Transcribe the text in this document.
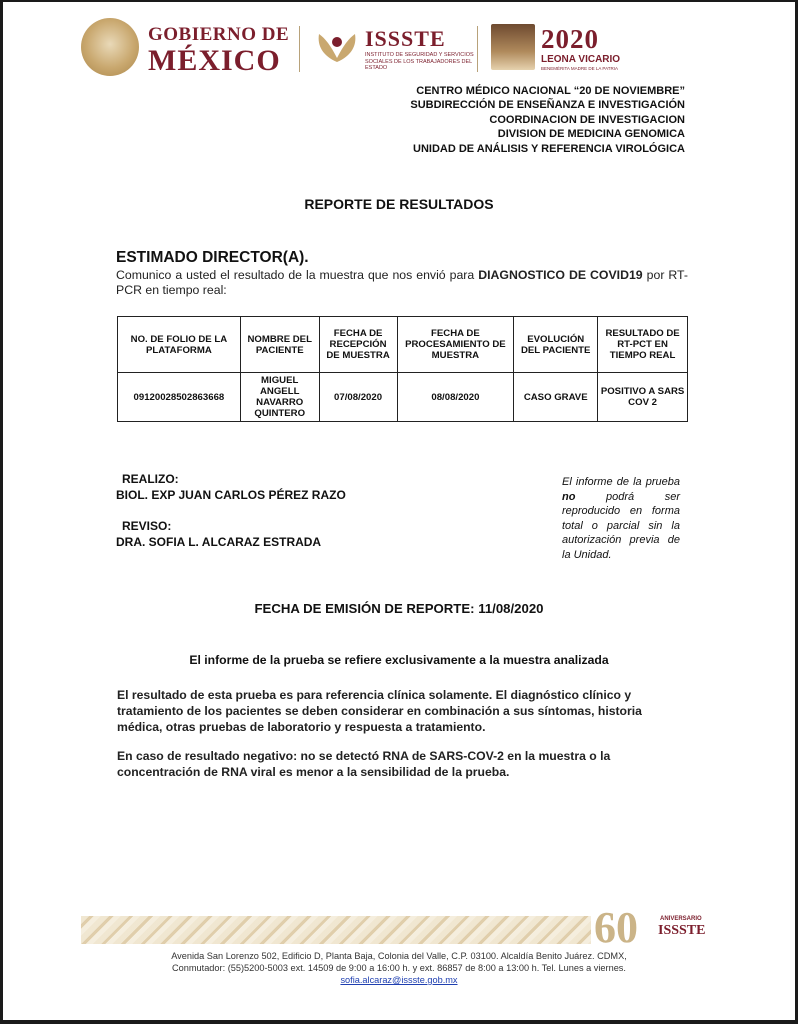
GOBIERNO DE
MÉXICO
ISSSTE
INSTITUTO DE SEGURIDAD Y SERVICIOS SOCIALES DE LOS TRABAJADORES DEL ESTADO
2020
LEONA VICARIO
BENEMÉRITA MADRE DE LA PATRIA
CENTRO MÉDICO NACIONAL “20 DE NOVIEMBRE”
SUBDIRECCIÓN DE ENSEÑANZA E INVESTIGACIÓN
COORDINACION DE INVESTIGACION
DIVISION DE MEDICINA GENOMICA
UNIDAD DE ANÁLISIS Y REFERENCIA VIROLÓGICA
REPORTE DE RESULTADOS
ESTIMADO DIRECTOR(A).
Comunico a usted el resultado de la muestra que nos envió para DIAGNOSTICO DE COVID19 por RT-PCR en tiempo real:
NO. DE FOLIO DE LA PLATAFORMA	NOMBRE DEL PACIENTE	FECHA DE RECEPCIÓN DE MUESTRA	FECHA DE PROCESAMIENTO DE MUESTRA	EVOLUCIÓN DEL PACIENTE	RESULTADO DE RT-PCT EN TIEMPO REAL
09120028502863668	MIGUEL ANGELL NAVARRO QUINTERO	07/08/2020	08/08/2020	CASO GRAVE	POSITIVO A SARS COV 2
REALIZO:
BIOL. EXP JUAN CARLOS PÉREZ RAZO
REVISO:
DRA. SOFIA L. ALCARAZ ESTRADA
El informe de la prueba no podrá ser reproducido en forma total o parcial sin la autorización previa de la Unidad.
FECHA DE EMISIÓN DE REPORTE: 11/08/2020
El informe de la prueba se refiere exclusivamente a la muestra analizada
El resultado de esta prueba es para referencia clínica solamente. El diagnóstico clínico y tratamiento de los pacientes se deben considerar en combinación a sus síntomas, historia médica, otras pruebas de laboratorio y respuesta a tratamiento.
En caso de resultado negativo: no se detectó RNA de SARS-COV-2 en la muestra o la concentración de RNA viral es menor a la sensibilidad de la prueba.
60	ANIVERSARIO
ISSSTE
Avenida San Lorenzo 502, Edificio D, Planta Baja, Colonia del Valle, C.P. 03100. Alcaldía Benito Juárez. CDMX,
Conmutador: (55)5200-5003 ext. 14509 de 9:00 a 16:00 h. y ext. 86857 de 8:00 a 13:00 h. Tel. Lunes a viernes.
sofia.alcaraz@issste.gob.mx
